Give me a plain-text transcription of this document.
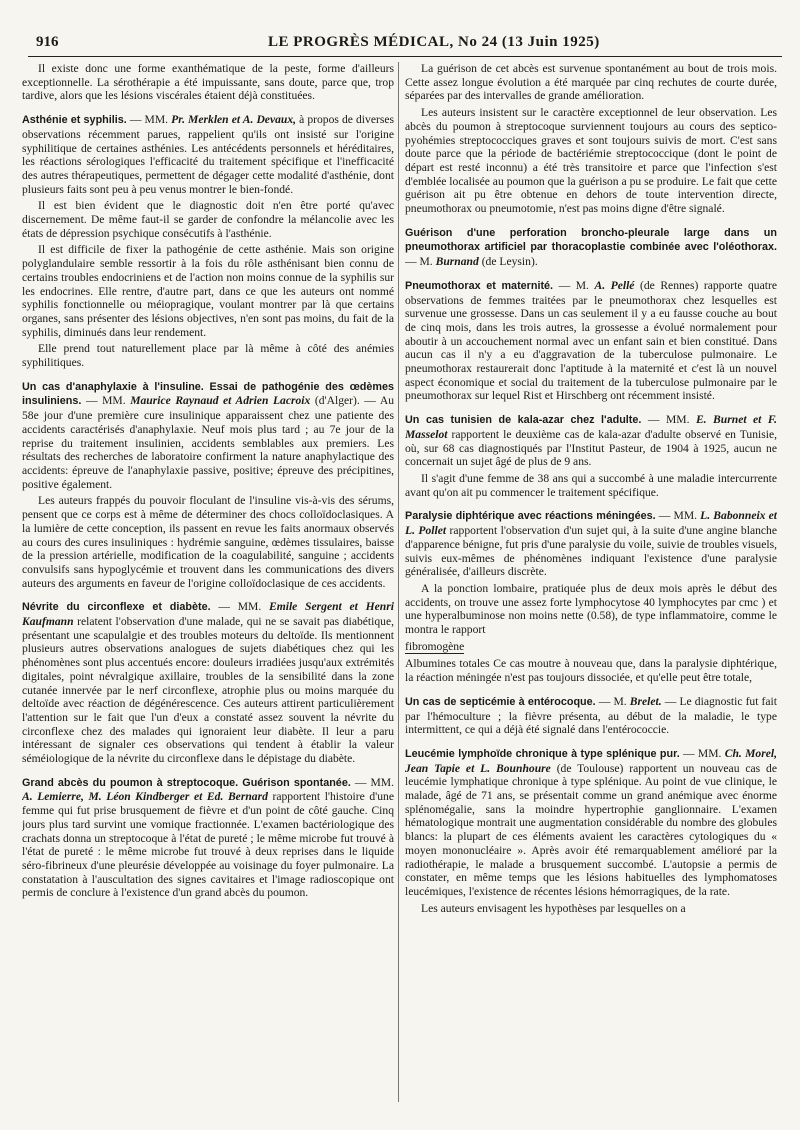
916	LE PROGRÈS MÉDICAL, No 24 (13 Juin 1925)

Il existe donc une forme exanthématique de la peste, forme d'ailleurs exceptionnelle. La sérothérapie a été impuissante, sans doute, parce que, trop tardive, alors que les lésions viscérales étaient déjà constituées.

Asthénie et syphilis. — MM. Pr. Merklen et A. Devaux, à propos de diverses observations récemment parues, rappelient qu'ils ont insisté sur l'origine syphilitique de certaines asthénies. Les antécédents personnels et héréditaires, les réactions sérologiques l'efficacité du traitement spécifique et l'inefficacité des autres thérapeutiques, permettent de dégager cette modalité d'asthénie, dont plusieurs faits sont peu à peu venus montrer le bien-fondé.

Il est bien évident que le diagnostic doit n'en être porté qu'avec discernement. De même faut-il se garder de confondre la mélancolie avec les états de dépression psychique consécutifs à l'asthénie.

Il est difficile de fixer la pathogénie de cette asthénie. Mais son origine polyglandulaire semble ressortir à la fois du rôle asthénisant bien connu de certains troubles endocriniens et de l'action non moins connue de la syphilis sur les endocrines. Elle rentre, d'autre part, dans ce que les auteurs ont nommé syphilis fonctionnelle ou méiopragique, voulant montrer par là que certains organes, sans présenter des lésions objectives, n'en sont pas moins, du fait de la syphilis, diminués dans leur rendement.

Elle prend tout naturellement place par là même à côté des anémies syphilitiques.

Un cas d'anaphylaxie à l'insuline. Essai de pathogénie des œdèmes insuliniens. — MM. Maurice Raynaud et Adrien Lacroix (d'Alger). — Au 58e jour d'une première cure insulinique apparaissent chez une patiente des accidents caractérisés d'anaphylaxie. Neuf mois plus tard ; au 7e jour de la reprise du traitement insulinien, accidents semblables aux premiers. Les résultats des recherches de laboratoire confirment la nature anaphylactique des accidents: épreuve de l'anaphylaxie passive, positive; épreuve des précipitines, positive également.

Les auteurs frappés du pouvoir floculant de l'insuline vis-à-vis des sérums, pensent que ce corps est à même de déterminer des chocs colloïdoclasiques. A la lumière de cette conception, ils passent en revue les faits anormaux observés au cours des cures insuliniques : hydrémie sanguine, œdèmes tissulaires, baisse de la pression artérielle, modification de la coagulabilité, sanguine ; accidents convulsifs sans hypoglycémie et trouvent dans les communications des divers auteurs des arguments en faveur de l'origine colloïdoclasique de ces accidents.

Névrite du circonflexe et diabète. — MM. Emile Sergent et Henri Kaufmann relatent l'observation d'une malade, qui ne se savait pas diabétique, présentant une scapulalgie et des troubles moteurs du deltoïde. Ils mentionnent plusieurs autres observations analogues de sujets diabétiques chez qui les phénomènes sont plus accentués encore: douleurs irradiées jusqu'aux extrémités digitales, point névralgique axillaire, troubles de la sensibilité dans la zone cutanée innervée par le nerf circonflexe, atrophie plus ou moins marquée du deltoïde avec réaction de dégénérescence. Ces auteurs attirent particulièrement l'attention sur le fait que l'un d'eux a constaté assez souvent la névrite du circonflexe chez des malades qui ignoraient leur diabète. Il leur a paru intéressant de signaler ces observations qui tendent à établir la valeur séméiologique de la névrite du circonflexe dans le dépistage du diabète.

Grand abcès du poumon à streptocoque. Guérison spontanée. — MM. A. Lemierre, M. Léon Kindberger et Ed. Bernard rapportent l'histoire d'une femme qui fut prise brusquement de fièvre et d'un point de côté gauche. Cinq jours plus tard survint une vomique fractionnée. L'examen bactériologique des crachats donna un streptocoque à l'état de pureté ; le même microbe fut trouvé à l'état de pureté : le même microbe fut trouvé à deux reprises dans le liquide séro-fibrineux d'une pleurésie développée au voisinage du foyer pulmonaire. La constatation à l'auscultation des signes cavitaires et l'image radioscopique ont permis de conclure à l'existence d'un grand abcès du poumon.

La guérison de cet abcès est survenue spontanément au bout de trois mois. Cette assez longue évolution a été marquée par cinq rechutes de courte durée, séparées par des intervalles de grande amélioration.

Les auteurs insistent sur le caractère exceptionnel de leur observation. Les abcès du poumon à streptocoque surviennent toujours au cours des septico-pyohémies streptococciques graves et sont toujours suivis de mort. C'est sans doute parce que la période de bactériémie streptococcique (dont le point de départ est resté inconnu) a été très transitoire et parce que l'infection s'est d'emblée localisée au poumon que la guérison a pu se produire. Le fait que cette guérison ait pu être obtenue en dehors de toute intervention directe, pneumothorax ou pneumotomie, n'est pas moins digne d'être signalé.

Guérison d'une perforation broncho-pleurale large dans un pneumothorax artificiel par thoracoplastie combinée avec l'oléothorax. — M. Burnand (de Leysin).

Pneumothorax et maternité. — M. A. Pellé (de Rennes) rapporte quatre observations de femmes traitées par le pneumothorax chez lesquelles est survenue une grossesse. Dans un cas seulement il y a eu fausse couche au bout de cinq mois, dans les trois autres, la grossesse a évolué normalement pour aboutir à un accouchement normal avec un enfant sain et bien constitué. Dans aucun cas il n'y a eu d'aggravation de la tuberculose pulmonaire. Le pneumothorax restaurerait donc l'aptitude à la maternité et c'est là un nouvel aspect économique et social du traitement de la tuberculose pulmonaire par le pneumothorax sur lequel Rist et Hirschberg ont récemment insisté.

Un cas tunisien de kala-azar chez l'adulte. — MM. E. Burnet et F. Masselot rapportent le deuxième cas de kala-azar d'adulte observé en Tunisie, où, sur 68 cas diagnostiqués par l'Institut Pasteur, de 1904 à 1925, aucun ne concernait un sujet âgé de plus de 9 ans.

Il s'agit d'une femme de 38 ans qui a succombé à une maladie intercurrente avant qu'on ait pu commencer le traitement spécifique.

Paralysie diphtérique avec réactions méningées. — MM. L. Babonneix et L. Pollet rapportent l'observation d'un sujet qui, à la suite d'une angine blanche d'apparence bénigne, fut pris d'une paralysie du voile, suivie de troubles visuels, suivis eux-mêmes de phénomènes indiquant l'existence d'une paralysie généralisée, d'ailleurs discrète.

A la ponction lombaire, pratiquée plus de deux mois après le début des accidents, on trouve une assez forte lymphocytose 40 lymphocytes par cmc ) et une hyperalbuminose non moins nette (0.58), de type inflammatoire, comme le montra le rapport

fibromogène

Albumines totales Ce cas moutre à nouveau que, dans la paralysie diphtérique, la réaction méningée n'est pas toujours dissociée, et qu'elle peut être totale,

Un cas de septicémie à entérocoque. — M. Brelet. — Le diagnostic fut fait par l'hémoculture ; la fièvre présenta, au début de la maladie, le type intermittent, ce qui a déjà été signalé dans l'entérococcie.

Leucémie lymphoïde chronique à type splénique pur. — MM. Ch. Morel, Jean Tapie et L. Bounhoure (de Toulouse) rapportent un nouveau cas de leucémie lymphatique chronique à type splénique. Au point de vue clinique, le malade, âgé de 71 ans, se présentait comme un grand anémique avec énorme splénomégalie, sans la moindre hypertrophie ganglionnaire. L'examen hématologique montrait une augmentation considérable du nombre des globules blancs: la plupart de ces éléments avaient les caractères cytologiques du « moyen mononucléaire ». Après avoir été remarquablement amélioré par la radiothérapie, le malade a brusquement succombé. L'autopsie a permis de constater, en même temps que les lésions habituelles des lymphomatoses leucémiques, l'existence de récentes lésions hémorragiques, de la rate.

Les auteurs envisagent les hypothèses par lesquelles on a
